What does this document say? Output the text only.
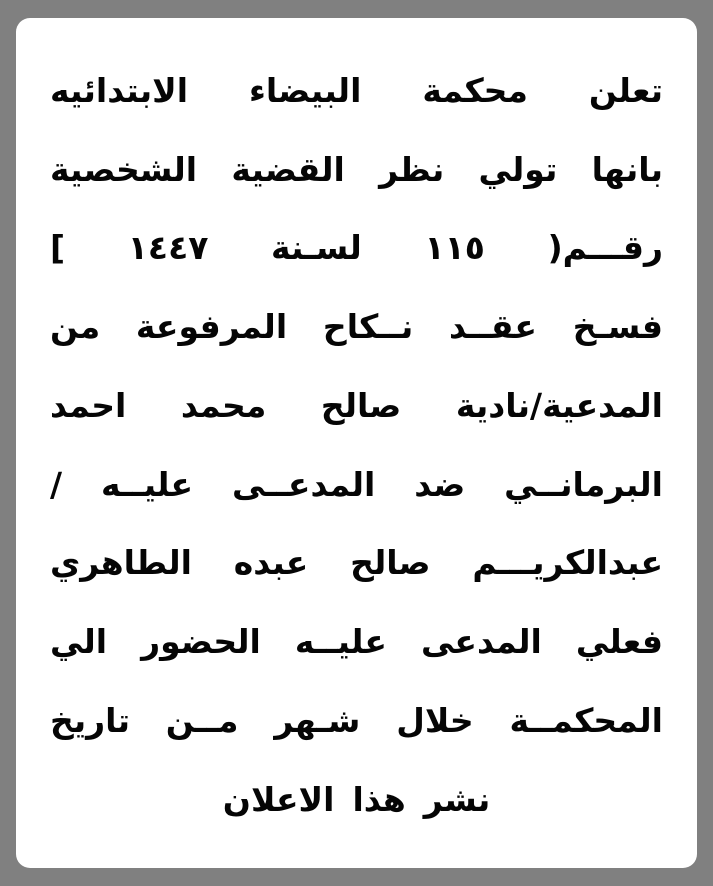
تعلن
محكمة
البيضاء
الابتدائيه
بانها
تولي
نظر
القضية
الشخصية
رقـــم(
١١٥
لسـنة
١٤٤٧
]
فسـخ
عقــد
نــكاح
المرفوعة
من
المدعية/نادية
صالح
محمد
احمد
البرمانــي
ضد
المدعــى
عليــه
/
عبدالكريـــم
صالح
عبده
الطاهري
فعلي
المدعى
عليــه
الحضور
الي
المحكمــة
خلال
شـهر
مــن
تاريخ
نشر
هذا
الاعلان
